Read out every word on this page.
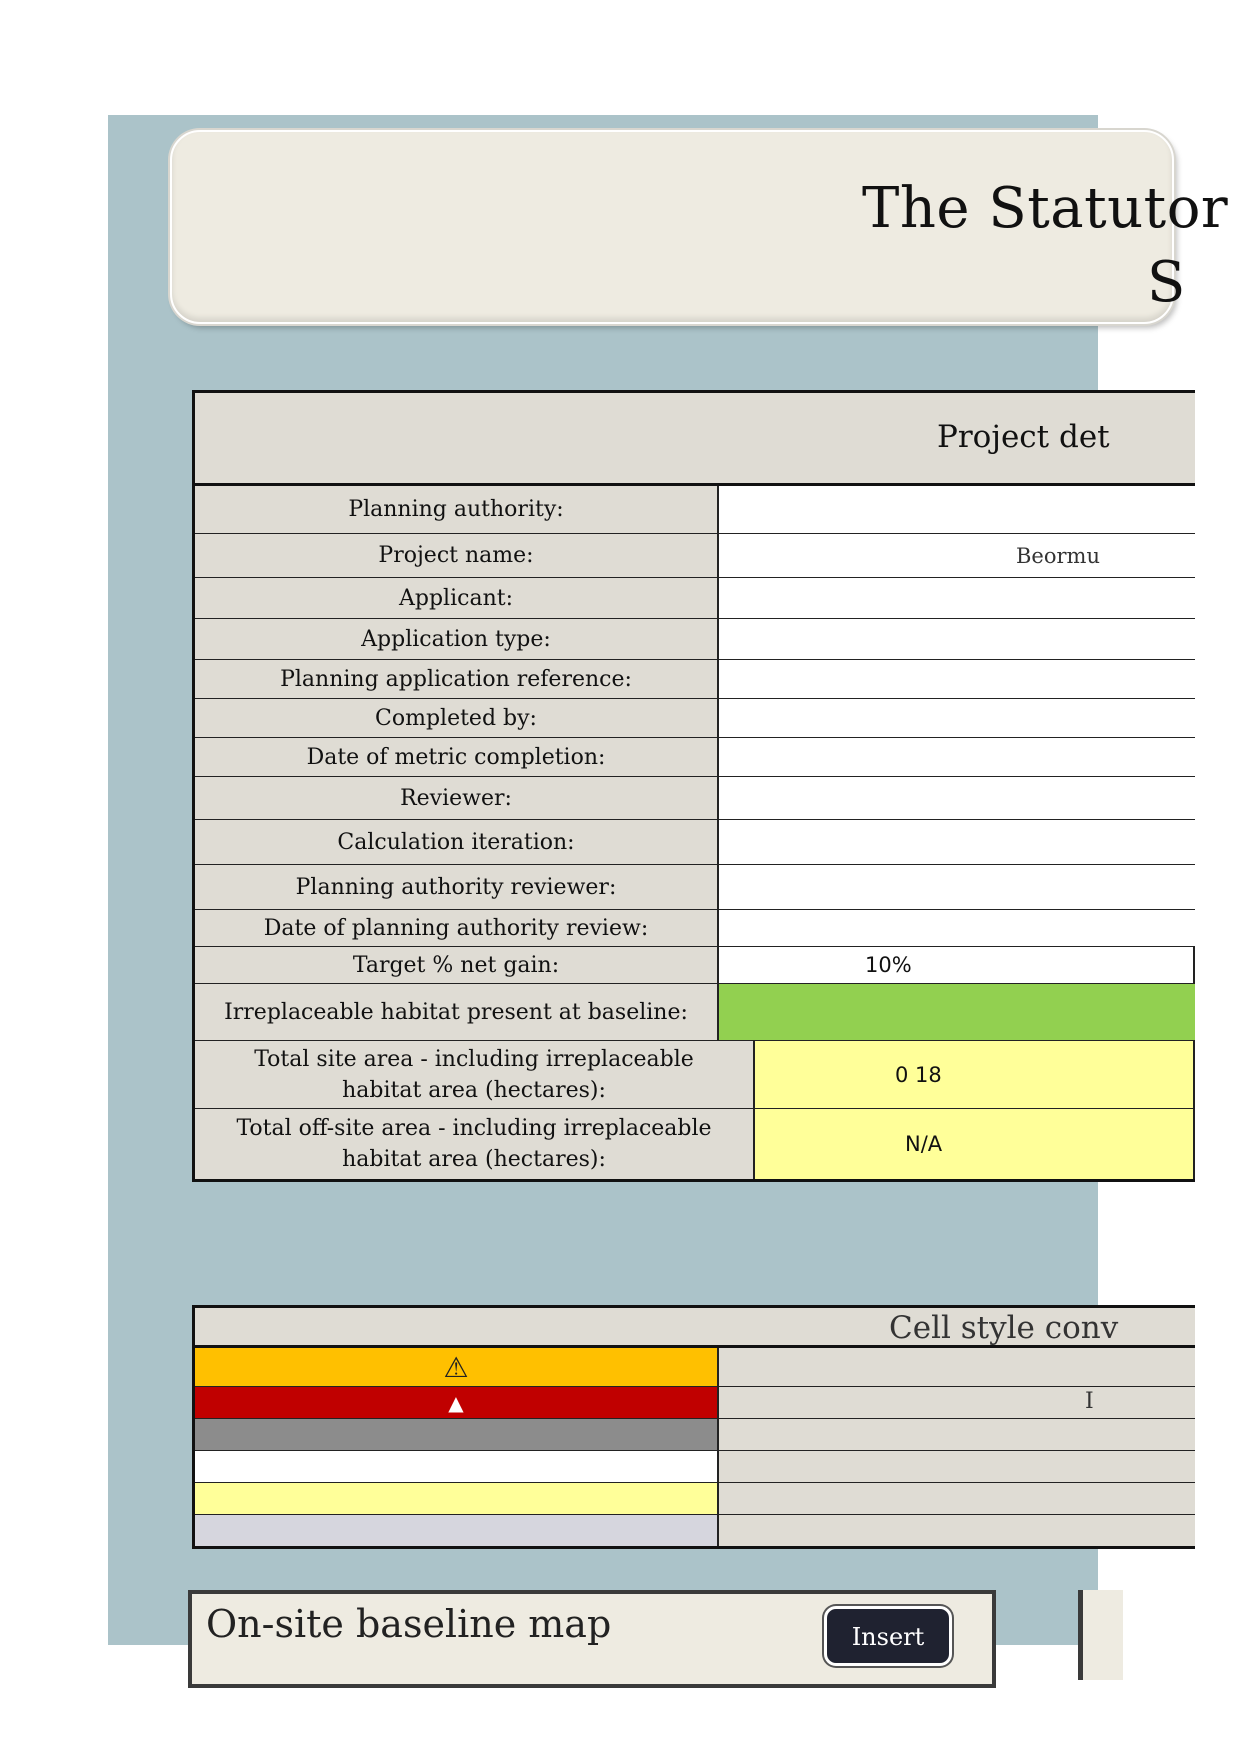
The Statutor
S
Project det
Planning authority:
Project name:	Beormu
Applicant:
Application type:
Planning application reference:
Completed by:
Date of metric completion:
Reviewer:
Calculation iteration:
Planning authority reviewer:
Date of planning authority review:
Target % net gain:	10%
Irreplaceable habitat present at baseline:
Total site area - including irreplaceable habitat area (hectares):
0 18
Total off-site area - including irreplaceable habitat area (hectares):
N/A
Cell style conv
⚠
▲	I
On-site baseline map	Insert
